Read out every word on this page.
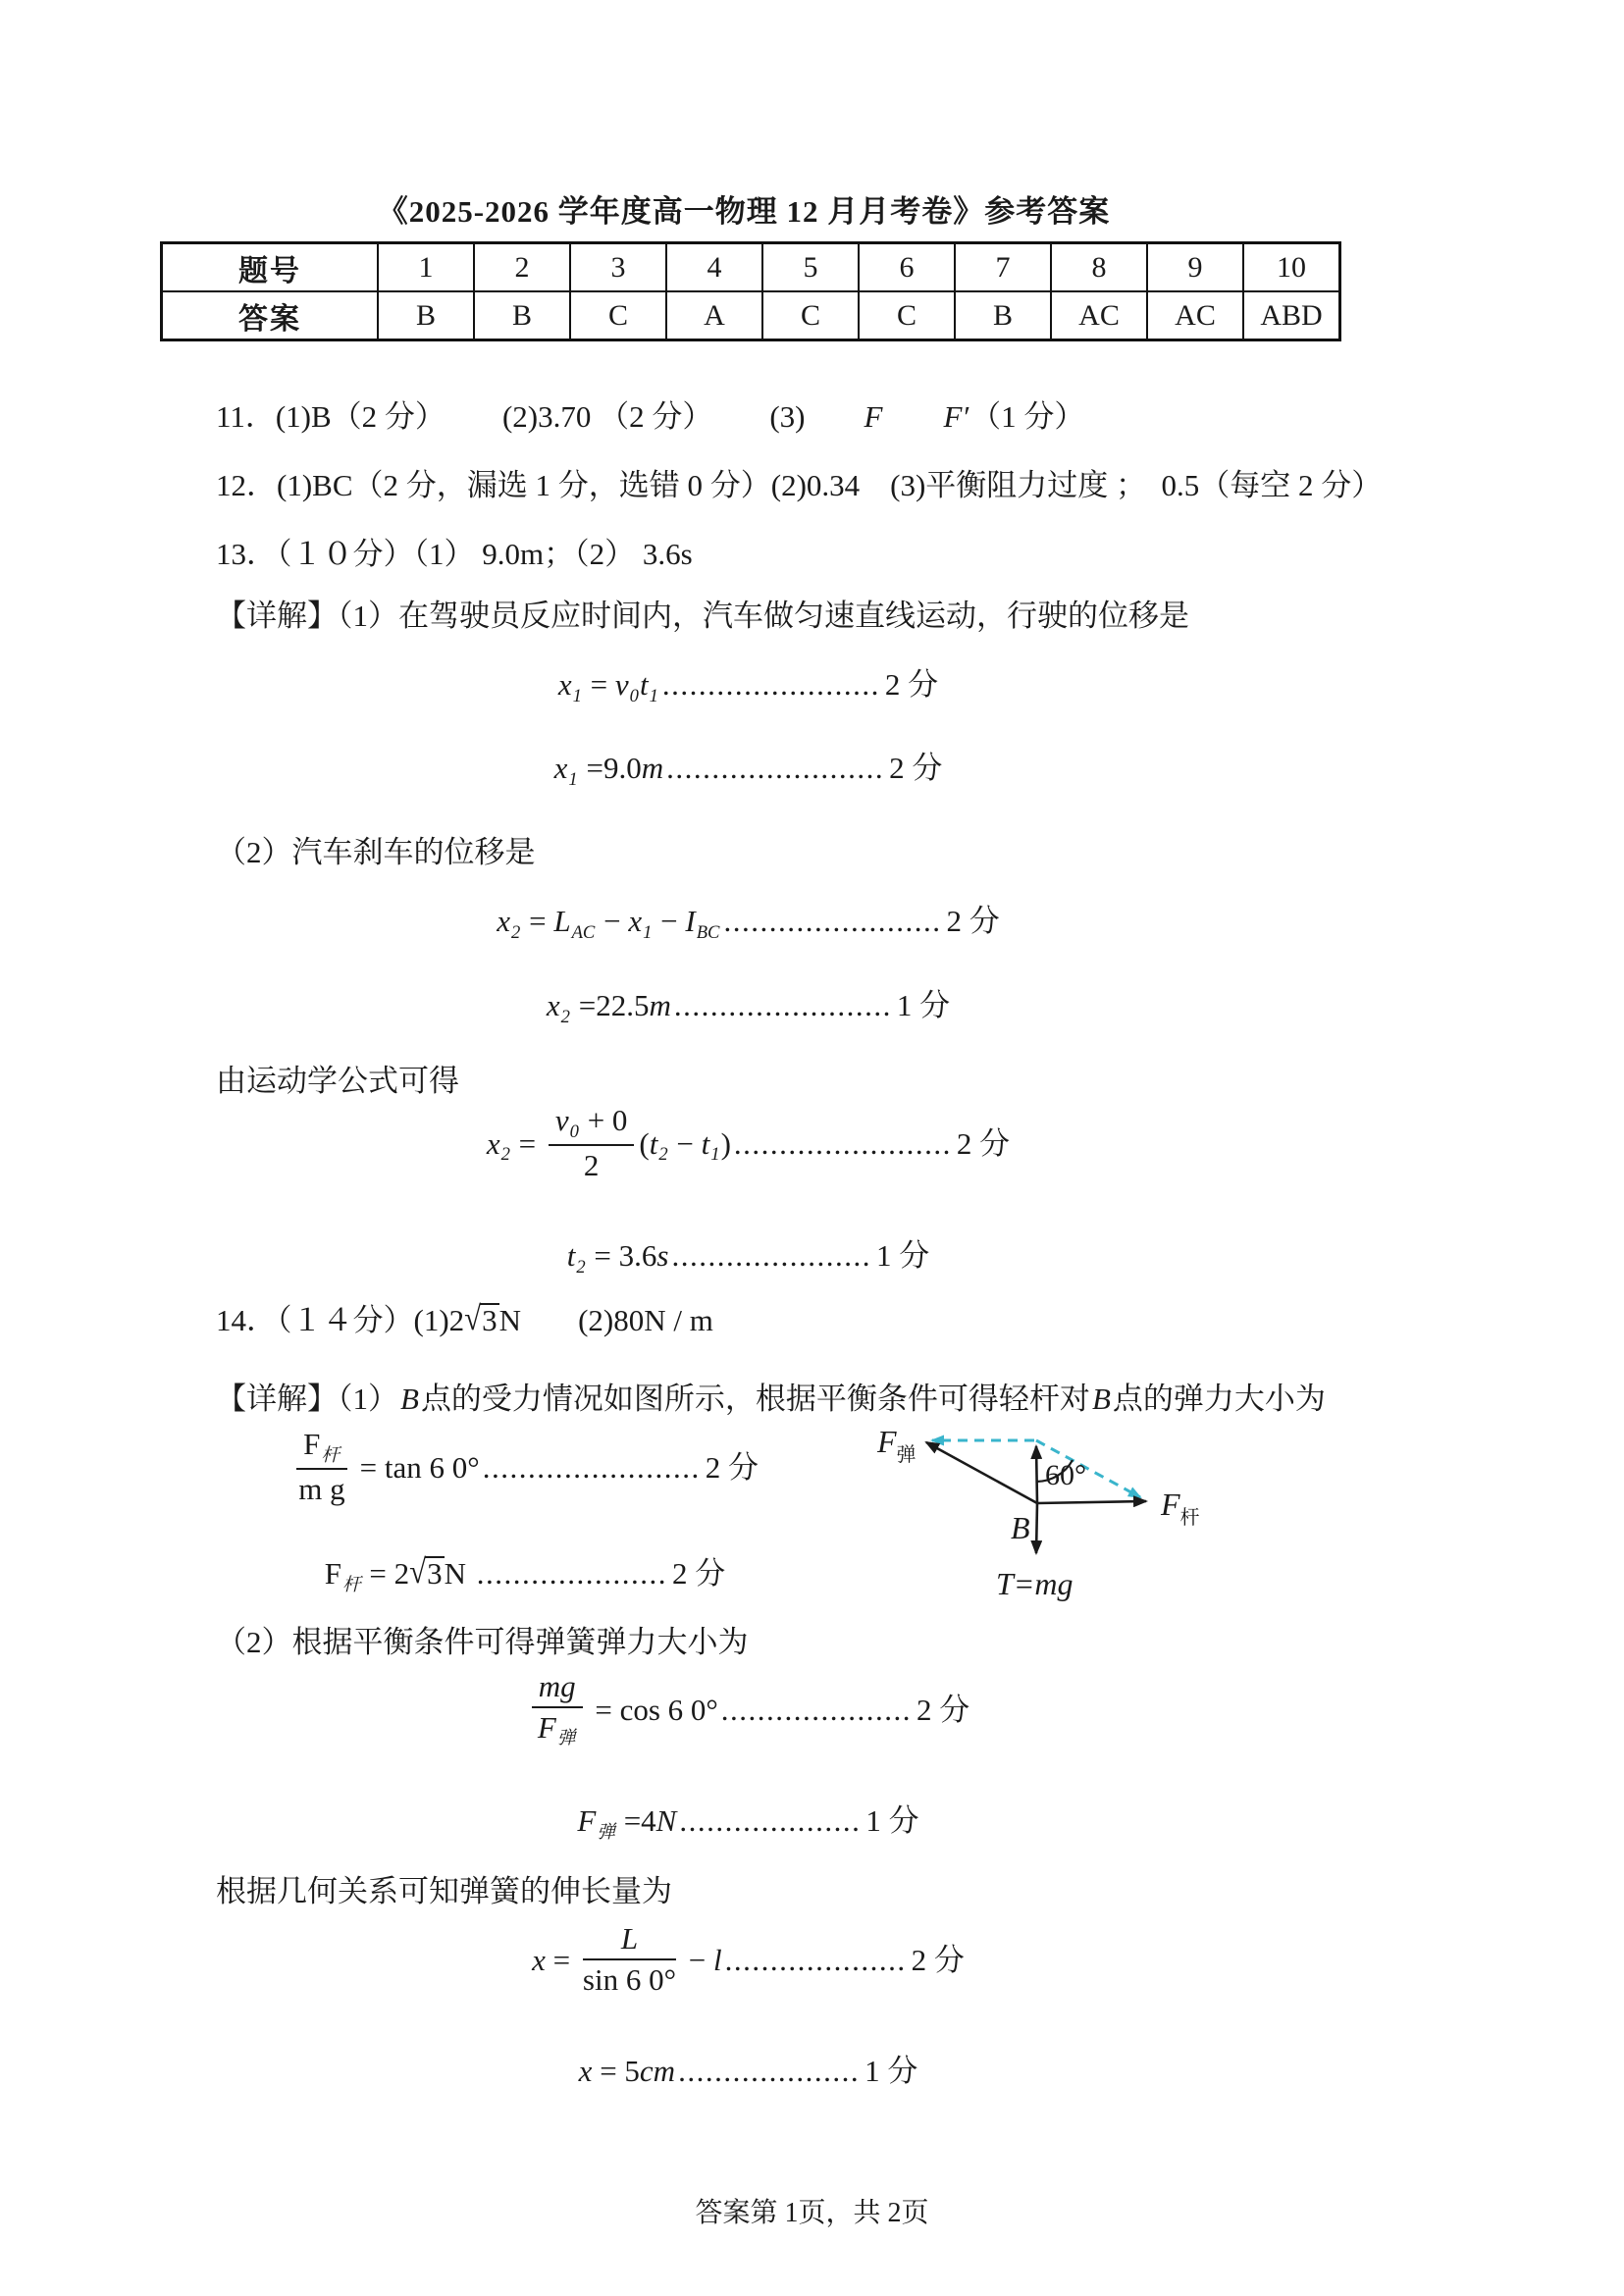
《2025-2026 学年度高一物理 12 月月考卷》参考答案
题号	1	2	3	4	5	6	7	8	9	10
答案	B	B	C	A	C	C	B	AC	AC	ABD
11．(1)B（2 分） (2)3.70 （2 分） (3) F F′（1 分）
12．(1)BC（2 分，漏选 1 分，选错 0 分）(2)0.34　(3)平衡阻力过度 ；　0.5（每空 2 分）
13．（１０分）（1） 9.0m；（2） 3.6s
【详解】（1）在驾驶员反应时间内，汽车做匀速直线运动，行驶的位移是
$x_1 = v_0t_1$ ........................ 2 分
$x_1 =9.0m$........................ 2 分
（2）汽车刹车的位移是
$x_2 = L_{AC} - x_1 - I_{BC}$ ........................ 2 分
$x_2 =22.5m$........................ 1 分
由运动学公式可得
$x_2 = \frac{v_0 + 0}{2} (t_2 - t_1)$........................ 2 分
$t_2 = 3.6s$...................... 1 分
14．（１４分）(1)2√3N (2)80N / m
【详解】（1）B点的受力情况如图所示，根据平衡条件可得轻杆对B点的弹力大小为
$\frac{F_杆}{\text{m g}} = \tan 6$ 0°........................ 2 分
$F_杆 = 2√3N$ ..................... 2 分
$F_弹$
$F_杆$
60°
B
T=mg
（2）根据平衡条件可得弹簧弹力大小为
$\frac{mg}{F_弹} = \cos 6$ 0°..................... 2 分
$F_弹 =4N$.................... 1 分
根据几何关系可知弹簧的伸长量为
$x = \frac{L}{\sin 6 0^\circ} - l$.................... 2 分
x = 5cm.................... 1 分
答案第 1页，共 2页
